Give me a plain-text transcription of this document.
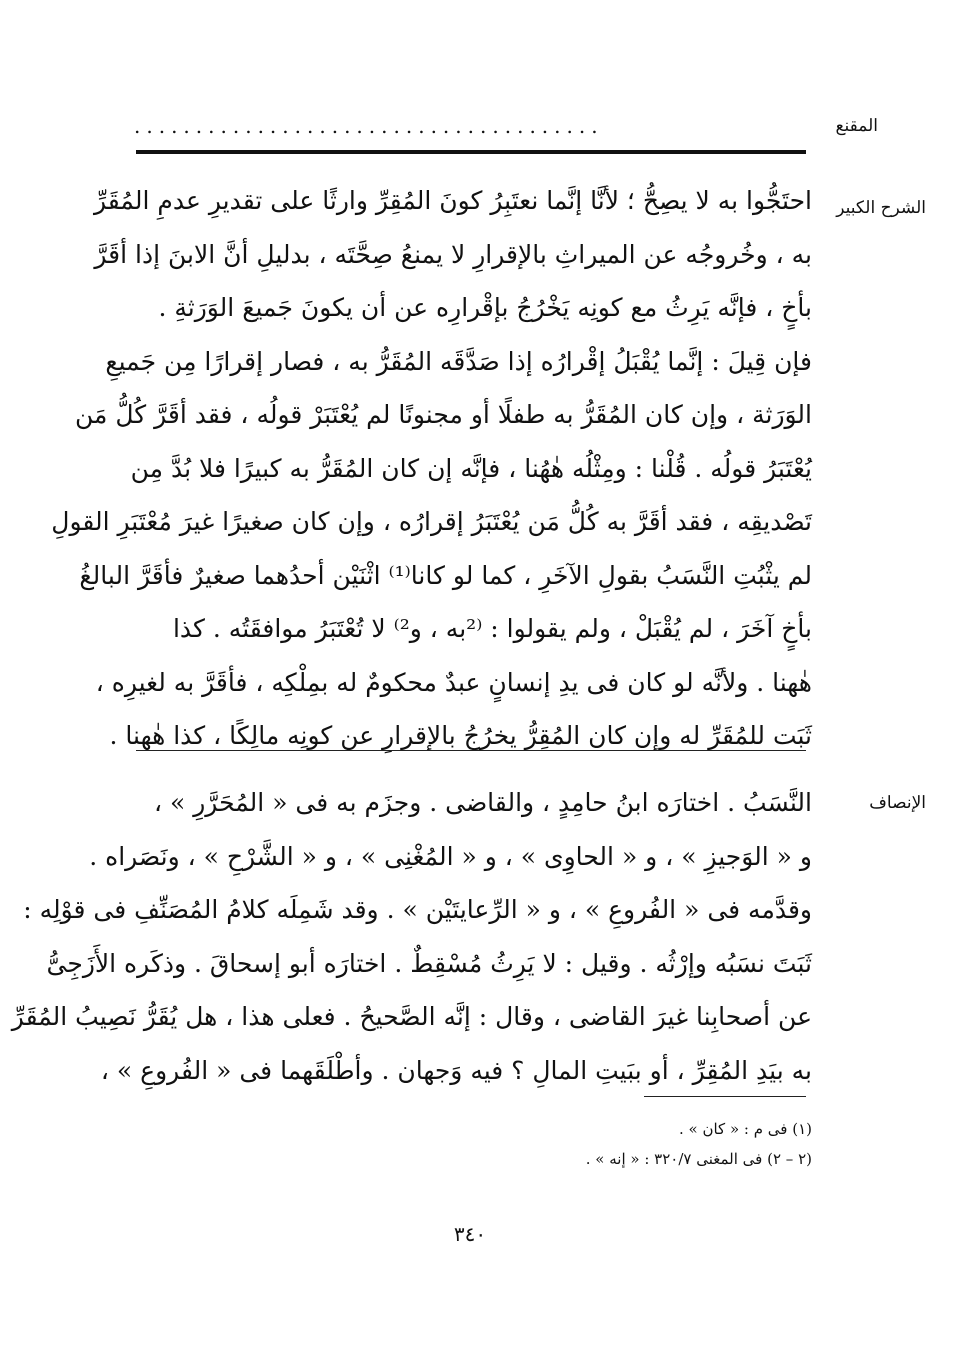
المقنع
......................................
الشرح الكبير
احتَجُّوا به لا يصِحُّ ؛ لأنَّا إنَّما نعتَبِرُ كونَ المُقِرِّ وارثًا على تقديرِ عدمِ المُقَرِّ
به ، وخُروجُه عن الميراثِ بالإقرارِ لا يمنعُ صِحَّتَه ، بدليلِ أنَّ الابنَ إذا أقَرَّ
بأخٍ ، فإنَّه يَرِثُ مع كونِه يَخْرُجُ بإقْرارِه عن أن يكونَ جَميعَ الوَرَثةِ .
فإن قِيلَ : إنَّما يُقْبَلُ إقْرارُه إذا صَدَّقَه المُقَرُّ به ، فصار إقرارًا مِن جَميعِ
الوَرَثة ، وإن كان المُقَرُّ به طفلًا أو مجنونًا لم يُعْتَبَرْ قولُه ، فقد أقَرَّ كُلُّ مَن
يُعْتَبَرُ قولُه . قُلْنا : ومِثْلُه هٰهُنا ، فإنَّه إن كان المُقَرُّ به كبيرًا فلا بُدَّ مِن
تَصْديقِه ، فقد أقَرَّ به كُلُّ مَن يُعْتَبَرُ إقرارُه ، وإن كان صغيرًا غيرَ مُعْتَبَرِ القولِ
لم يثْبُتِ النَّسَبُ بقولِ الآخَرِ ، كما لو كانا⁽¹⁾ اثْنَيْن أحدُهما صغيرٌ فأقَرَّ البالغُ
بأخٍ آخَرَ ، لم يُقْبَلْ ، ولم يقولوا : ⁽²به ، و²⁾ لا تُعْتَبَرُ موافقَتُه . كذا
هٰهنا . ولأنَّه لو كان فى يدِ إنسانٍ عبدٌ محكومٌ له بمِلْكِه ، فأقَرَّ به لغيرِه ،
ثَبَت للمُقَرِّ له وإن كان المُقِرُّ يخرُجُ بالإقرارِ عن كونِه مالِكًا ، كذا هٰهنا .
الإنصاف
النَّسَبُ . اختارَه ابنُ حامِدٍ ، والقاضى . وجزَم به فى « المُحَرَّرِ » ،
و « الوَجيزِ » ، و « الحاوِى » ، و « المُغْنِى » ، و « الشَّرْحِ » ، ونَصَراه .
وقدَّمه فى « الفُروعِ » ، و « الرِّعايتَيْن » . وقد شَمِلَه كلامُ المُصَنِّفِ فى قوْلِه :
ثَبَتَ نسَبُه وإرْثُه . وقيل : لا يَرِثُ مُسْقِطٌ . اختارَه أبو إسحاقَ . وذكَره الأَزَجِىُّ
عن أصحابِنا غيرَ القاضى ، وقال : إنَّه الصَّحيحُ . فعلى هذا ، هل يُقَرُّ نَصِيبُ المُقَرِّ
به بيَدِ المُقِرِّ ، أو ببَيتِ المالِ ؟ فيه وَجهان . وأطْلَقَهما فى « الفُروعِ » ،
(١) فى م : « كان » .
(٢ – ٢) فى المغنى ٣٢٠/٧ : « إنه » .
٣٤٠
